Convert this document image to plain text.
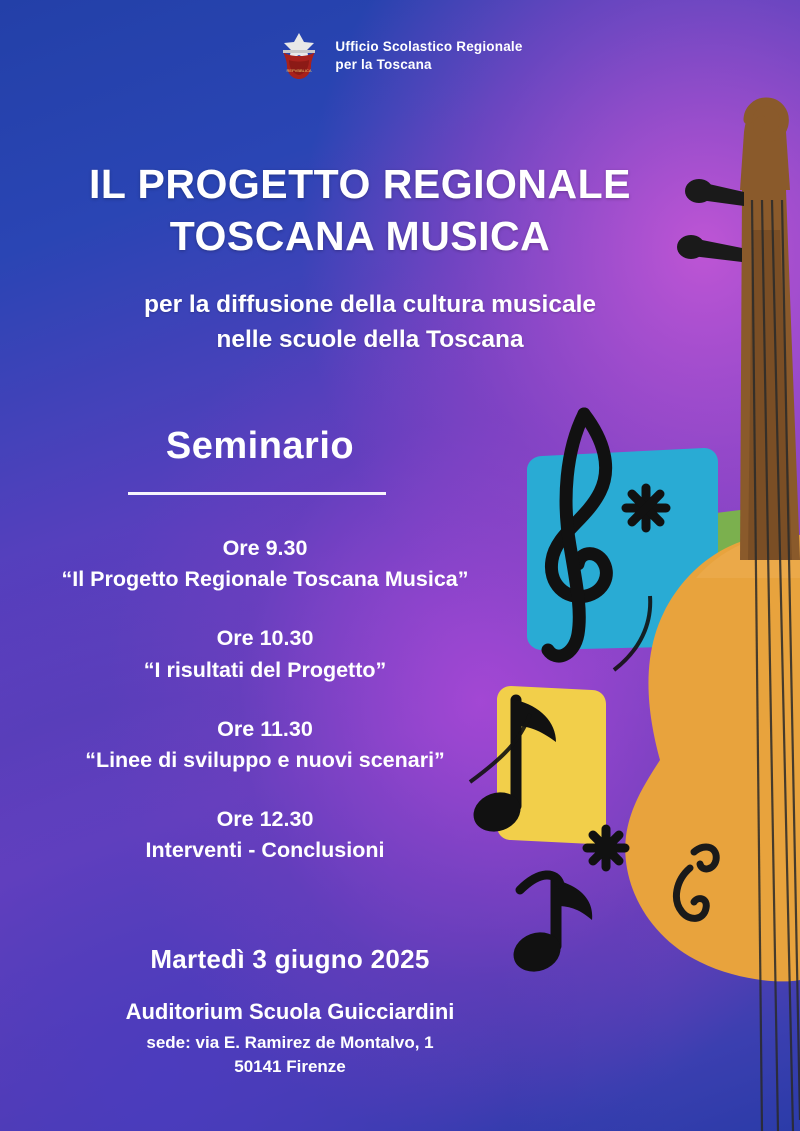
REPVBBLICA
Ufficio Scolastico Regionale
per la Toscana
IL PROGETTO REGIONALE
TOSCANA MUSICA
per la diffusione della cultura musicale
nelle scuole della Toscana
Seminario
Ore 9.30
“Il Progetto Regionale Toscana Musica”
Ore 10.30
“I risultati del Progetto”
Ore 11.30
“Linee di sviluppo e nuovi scenari”
Ore 12.30
Interventi - Conclusioni
Martedì 3 giugno 2025
Auditorium Scuola Guicciardini
sede: via E. Ramirez de Montalvo, 1
50141 Firenze
